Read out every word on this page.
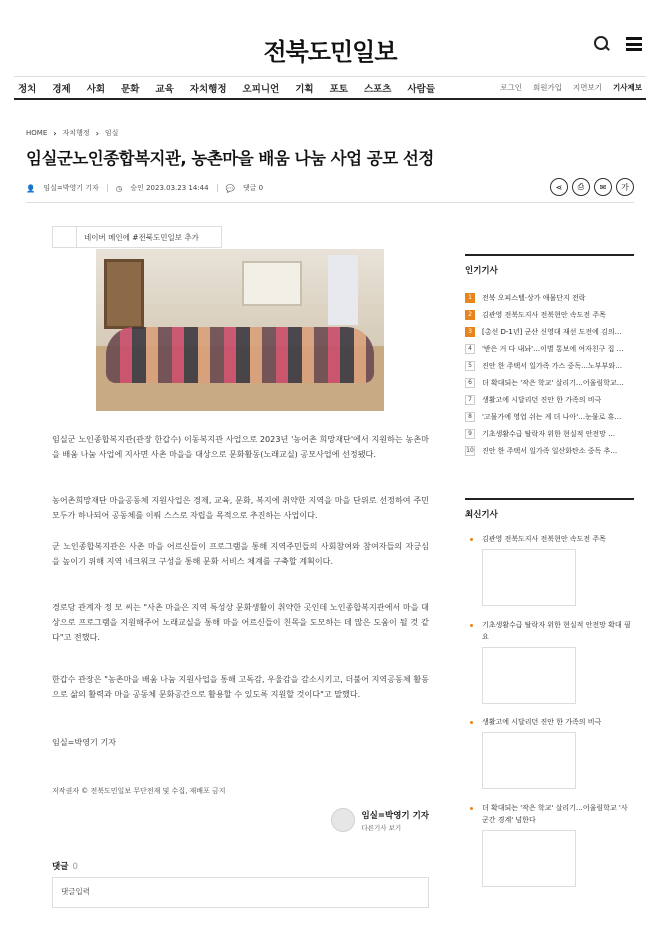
전북도민일보
정치	경제	사회	문화	교육	자치행정	오피니언	기획	포토	스포츠	사람들	로그인 회원가입 지면보기 기사제보
HOME › 자치행정 › 임실
임실군노인종합복지관, 농촌마을 배움 나눔 사업 공모 선정
👤 임실=박영기 기자 ◷ 승인 2023.03.23 14:44 💬 댓글 0	⋖	⎙	✉	가
네이버 메인에 #전북도민일보 추가

임실군 노인종합복지관(관장 한갑수) 이동복지관 사업으로 2023년 '농어촌 희망재단'에서 지원하는 농촌마을 배움 나눔 사업에 지사면 사촌 마을을 대상으로 문화활동(노래교실) 공모사업에 선정됐다.

농어촌희망재단 마을공동체 지원사업은 경제, 교육, 문화, 복지에 취약한 지역을 마을 단위로 선정하여 주민 모두가 하나되어 공동체를 이뤄 스스로 자립을 목적으로 추진하는 사업이다.

군 노인종합복지관은 사촌 마을 어르신들이 프로그램을 통해 지역주민들의 사회참여와 참여자들의 자긍심을 높이기 위해 지역 네크워크 구성을 통해 문화 서비스 체계를 구축할 계획이다.

경로당 관계자 정 모 씨는 "사촌 마을은 지역 특성상 문화생활이 취약한 곳인데 노인종합복지관에서 마을 대상으로 프로그램을 지원해주어 노래교실을 통해 마을 어르신들이 친목을 도모하는 데 많은 도움이 될 것 같다"고 전했다.

한갑수 관장은 "농촌마을 배움 나눔 지원사업을 통해 고독감, 우울감을 감소시키고, 더불어 지역공동체 활동으로 삶의 활력과 마을 공동체 문화공간으로 활용할 수 있도록 지원할 것이다"고 말했다.

임실=박영기 기자

저작권자 © 전북도민일보 무단전재 및 수집, 재배포 금지
임실=박영기 기자
다른기사 보기
댓글 0
댓글입력
인기기사
1	전북 오피스텔·상가 애물단지 전락
2	김관영 전북도지사 전북현안 속도전 주목
3	[총선 D-1년] 군산 신영대 재선 도전에 김의…
4	'받은 거 다 내놔'…이별 통보에 여자친구 집 …
5	진안 한 주택서 일가족 가스 중독…노부부와…
6	더 확대되는 '작은 학교' 살리기…어울림학교…
7	생활고에 시달리던 진안 한 가족의 비극
8	'고물가에 영업 쉬는 게 더 나아'…눈물로 휴…
9	기초생활수급 탈락자 위한 현실적 안전망 …
10 진안 한 주택서 일가족 일산화탄소 중독 추…
최신기사
김관영 전북도지사 전북현안 속도전 주목
기초생활수급 탈락자 위한 현실적 안전망 확대 필요
생활고에 시달리던 진안 한 가족의 비극
더 확대되는 '작은 학교' 살리기…어울림학교 '사군간 경계' 넘한다
